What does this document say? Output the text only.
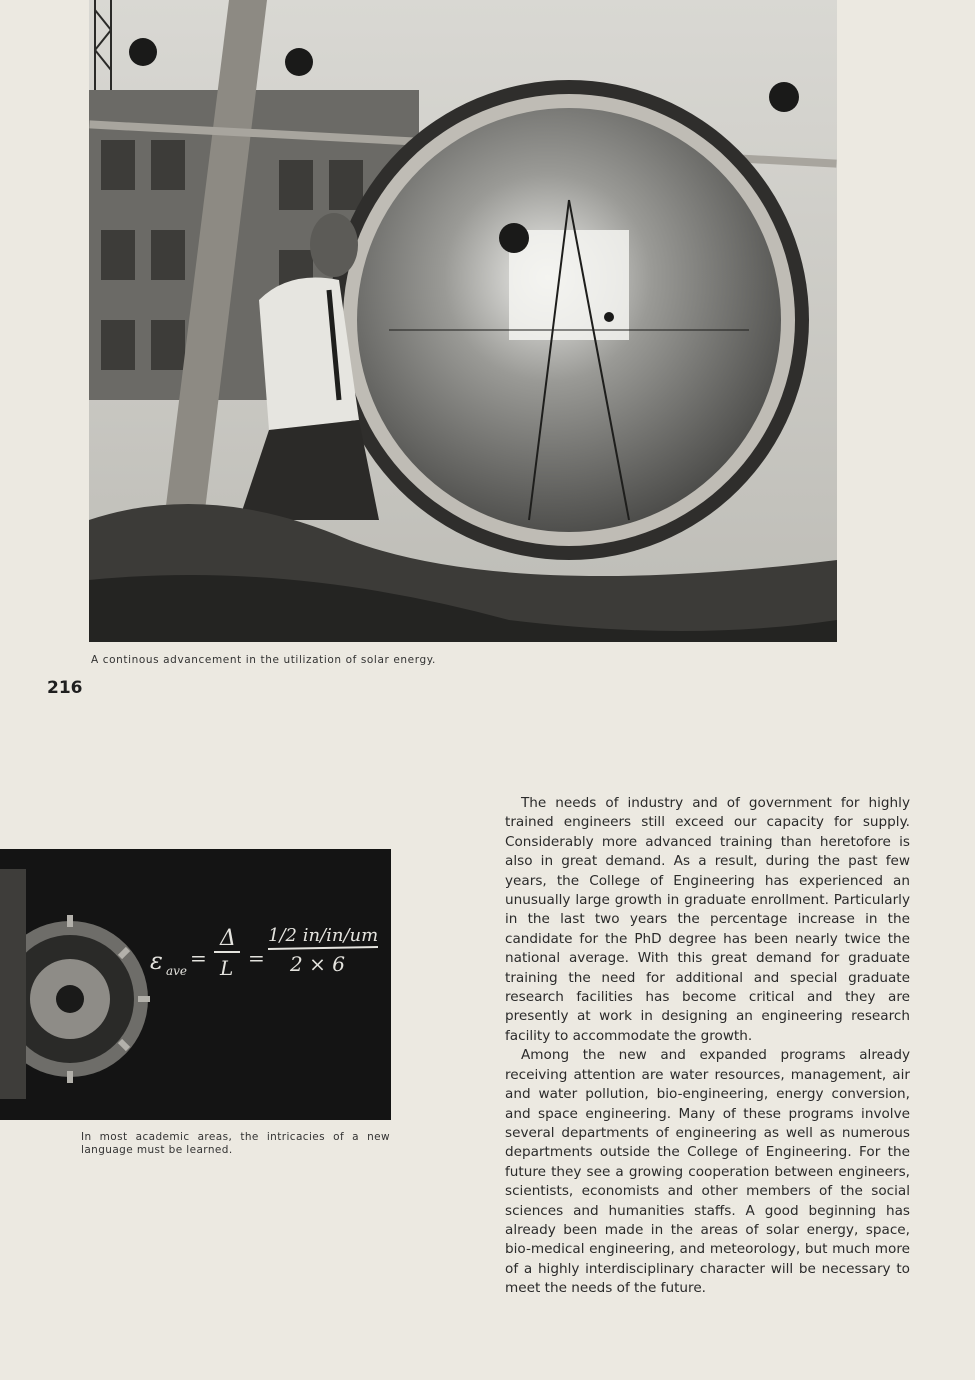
A continous advancement in the utilization of solar energy.
216
ε ave
=
Δ
L =
1/2 in/in/um
2 × 6
In most academic areas, the intricacies of a new language must be learned.

The needs of industry and of government for highly trained engineers still exceed our capacity for supply. Considerably more advanced training than heretofore is also in great demand. As a result, during the past few years, the College of Engineering has experienced an unusually large growth in graduate enrollment. Particularly in the last two years the percentage increase in the candidate for the PhD degree has been nearly twice the national average. With this great demand for graduate training the need for additional and special graduate research facilities has become critical and they are presently at work in designing an engineering research facility to accommodate the growth.

Among the new and expanded programs already receiving attention are water resources, management, air and water pollution, bio-engineering, energy conversion, and space engineering. Many of these programs involve several departments of engineering as well as numerous departments outside the College of Engineering. For the future they see a growing cooperation between engineers, scientists, economists and other members of the social sciences and humanities staffs. A good beginning has already been made in the areas of solar energy, space, bio-medical engineering, and meteorology, but much more of a highly interdisciplinary character will be necessary to meet the needs of the future.
